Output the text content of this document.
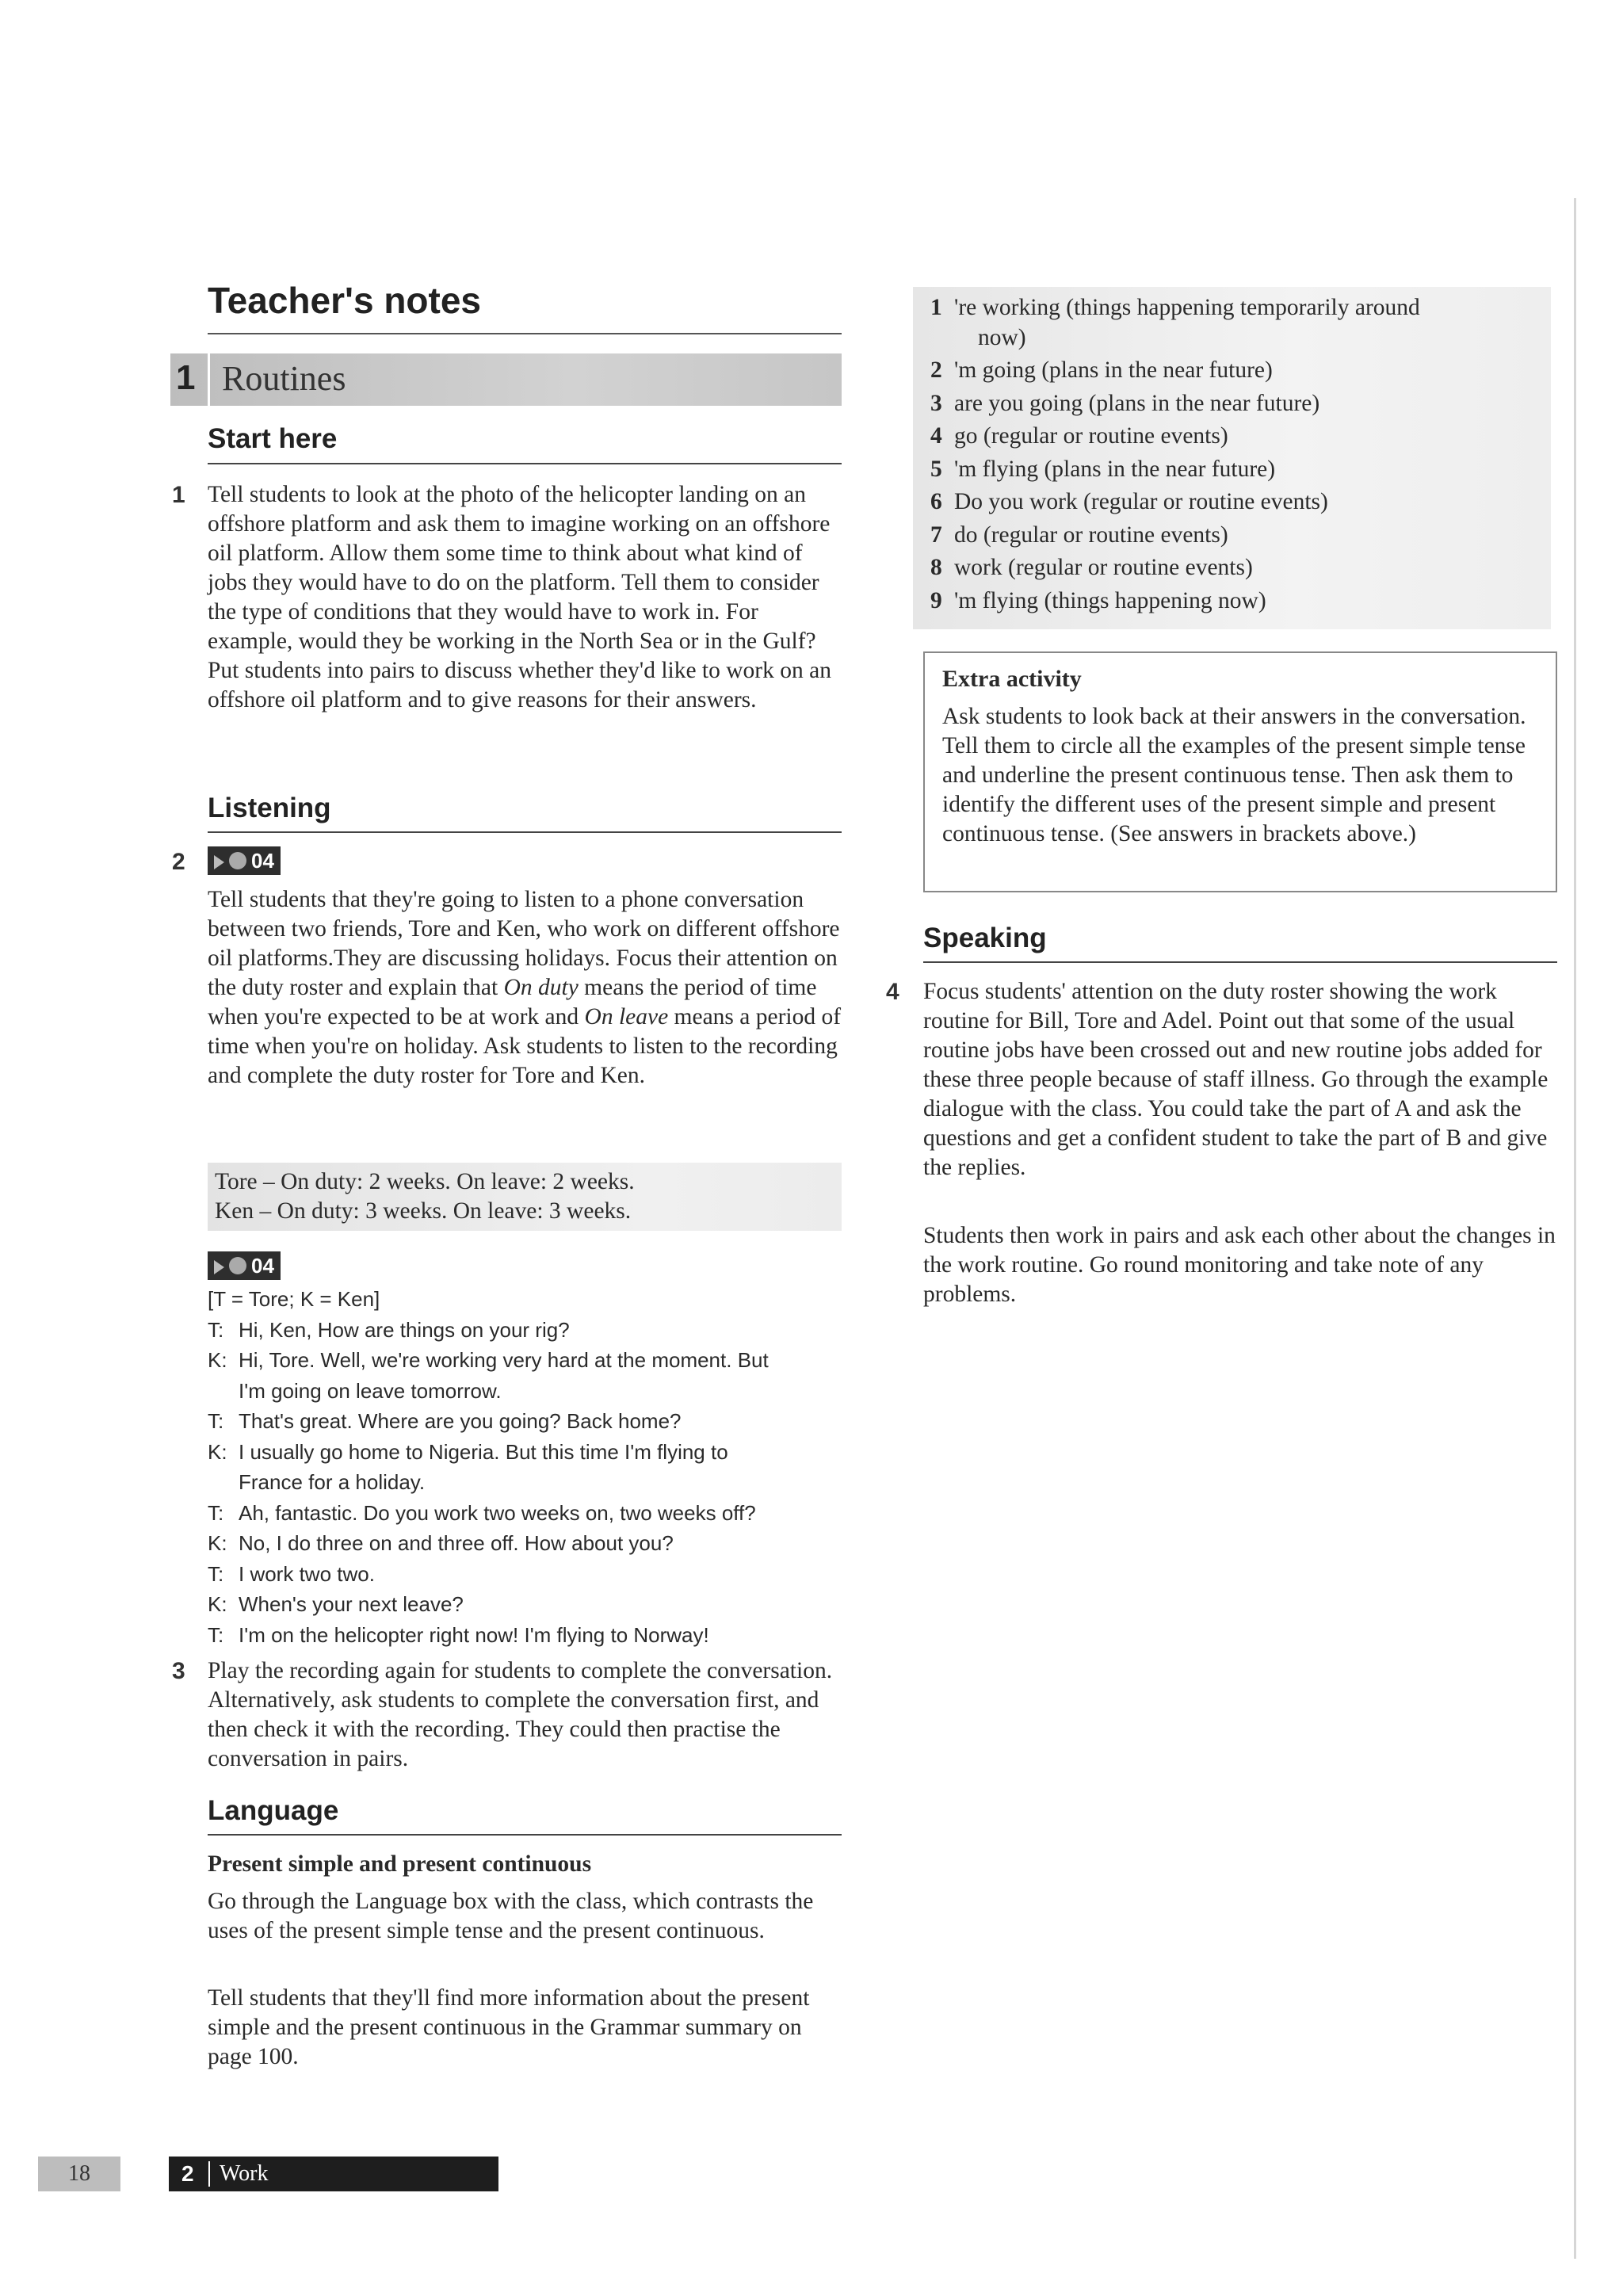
Teacher's notes
1 Routines
Start here
1 Tell students to look at the photo of the helicopter landing on an offshore platform and ask them to imagine working on an offshore oil platform. Allow them some time to think about what kind of jobs they would have to do on the platform. Tell them to consider the type of conditions that they would have to work in. For example, would they be working in the North Sea or in the Gulf? Put students into pairs to discuss whether they'd like to work on an offshore oil platform and to give reasons for their answers.
Listening
2	04
Tell students that they're going to listen to a phone conversation between two friends, Tore and Ken, who work on different offshore oil platforms.They are discussing holidays. Focus their attention on the duty roster and explain that On duty means the period of time when you're expected to be at work and On leave means a period of time when you're on holiday. Ask students to listen to the recording and complete the duty roster for Tore and Ken.
Tore – On duty: 2 weeks. On leave: 2 weeks.
Ken – On duty: 3 weeks. On leave: 3 weeks.
04
[T = Tore; K = Ken]
T: Hi, Ken, How are things on your rig?
K: Hi, Tore. Well, we're working very hard at the moment. But
I'm going on leave tomorrow.
T: That's great. Where are you going? Back home?
K: I usually go home to Nigeria. But this time I'm flying to
France for a holiday.
T: Ah, fantastic. Do you work two weeks on, two weeks off?
K: No, I do three on and three off. How about you?
T: I work two two.
K: When's your next leave?
T: I'm on the helicopter right now! I'm flying to Norway!
3 Play the recording again for students to complete the conversation. Alternatively, ask students to complete the conversation first, and then check it with the recording. They could then practise the conversation in pairs.
Language
Present simple and present continuous
Go through the Language box with the class, which contrasts the uses of the present simple tense and the present continuous.
Tell students that they'll find more information about the present simple and the present continuous in the Grammar summary on page 100.
1 're working (things happening temporarily around
now)
2 'm going (plans in the near future)
3 are you going (plans in the near future)
4 go (regular or routine events)
5 'm flying (plans in the near future)
6 Do you work (regular or routine events)
7 do (regular or routine events)
8 work (regular or routine events)
9 'm flying (things happening now)
Extra activity
Ask students to look back at their answers in the conversation. Tell them to circle all the examples of the present simple tense and underline the present continuous tense. Then ask them to identify the different uses of the present simple and present continuous tense. (See answers in brackets above.)
Speaking
4 Focus students' attention on the duty roster showing the work routine for Bill, Tore and Adel. Point out that some of the usual routine jobs have been crossed out and new routine jobs added for these three people because of staff illness. Go through the example dialogue with the class. You could take the part of A and ask the questions and get a confident student to take the part of B and give the replies.
Students then work in pairs and ask each other about the changes in the work routine. Go round monitoring and take note of any problems.
18	2 Work
